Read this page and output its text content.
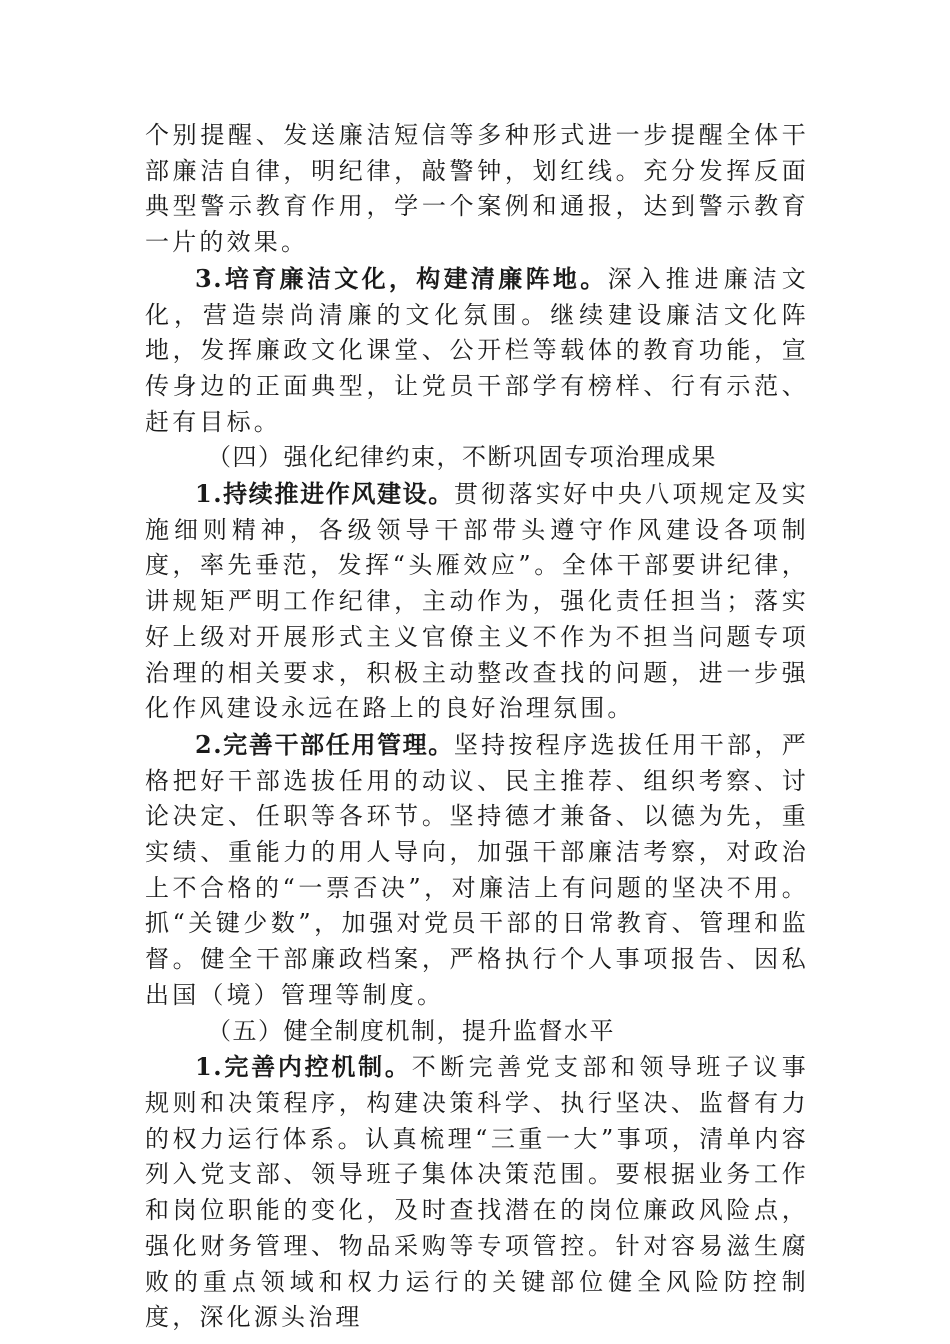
个别提醒、发送廉洁短信等多种形式进一步提醒全体干部廉洁自律，明纪律，敲警钟，划红线。充分发挥反面典型警示教育作用，学一个案例和通报，达到警示教育一片的效果。

3.培育廉洁文化，构建清廉阵地。深入推进廉洁文化，营造崇尚清廉的文化氛围。继续建设廉洁文化阵地，发挥廉政文化课堂、公开栏等载体的教育功能，宣传身边的正面典型，让党员干部学有榜样、行有示范、赶有目标。

（四）强化纪律约束，不断巩固专项治理成果

1.持续推进作风建设。贯彻落实好中央八项规定及实施细则精神，各级领导干部带头遵守作风建设各项制度，率先垂范，发挥“头雁效应”。全体干部要讲纪律，讲规矩严明工作纪律，主动作为，强化责任担当；落实好上级对开展形式主义官僚主义不作为不担当问题专项治理的相关要求，积极主动整改查找的问题，进一步强化作风建设永远在路上的良好治理氛围。

2.完善干部任用管理。坚持按程序选拔任用干部，严格把好干部选拔任用的动议、民主推荐、组织考察、讨论决定、任职等各环节。坚持德才兼备、以德为先，重实绩、重能力的用人导向，加强干部廉洁考察，对政治上不合格的“一票否决”，对廉洁上有问题的坚决不用。抓“关键少数”，加强对党员干部的日常教育、管理和监督。健全干部廉政档案，严格执行个人事项报告、因私出国（境）管理等制度。

（五）健全制度机制，提升监督水平

1.完善内控机制。不断完善党支部和领导班子议事规则和决策程序，构建决策科学、执行坚决、监督有力的权力运行体系。认真梳理“三重一大”事项，清单内容列入党支部、领导班子集体决策范围。要根据业务工作和岗位职能的变化，及时查找潜在的岗位廉政风险点，强化财务管理、物品采购等专项管控。针对容易滋生腐败的重点领域和权力运行的关键部位健全风险防控制度，深化源头治理
